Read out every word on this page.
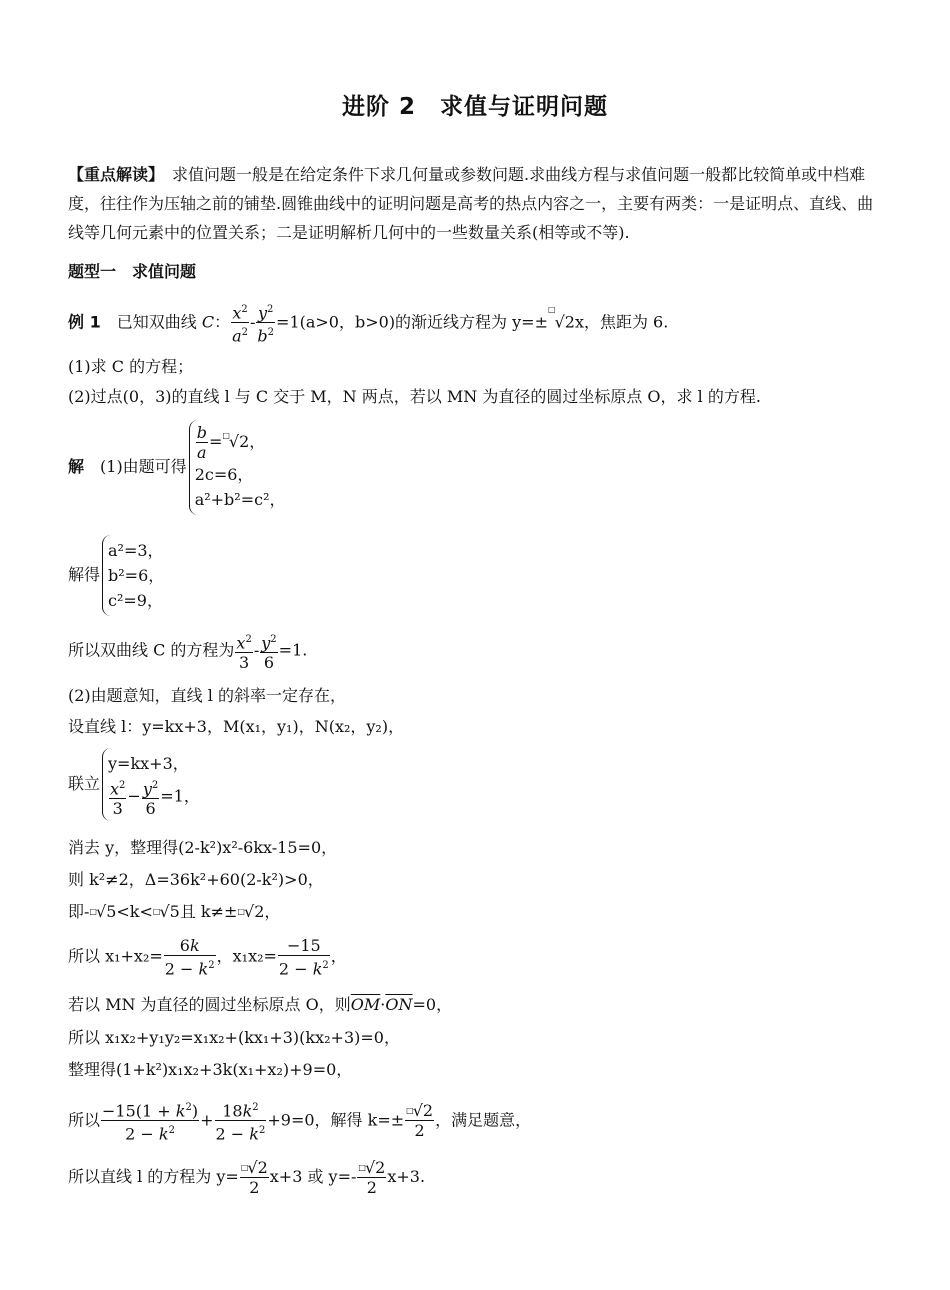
进阶 2　求值与证明问题
【重点解读】　求值问题一般是在给定条件下求几何量或参数问题.求曲线方程与求值问题一般都比较简单或中档难度，往往作为压轴之前的铺垫.圆锥曲线中的证明问题是高考的热点内容之一，主要有两类：一是证明点、直线、曲线等几何元素中的位置关系；二是证明解析几何中的一些数量关系(相等或不等).
题型一　求值问题
例 1　已知双曲线 C： $\frac{x^2}{a^2} - \frac{y^2}{b^2} =1(a>0$，b>0)的渐近线方程为 y=±□√2x，焦距为 6.
(1)求 C 的方程；
(2)过点(0，3)的直线 l 与 C 交于 M，N 两点，若以 MN 为直径的圆过坐标原点 O，求 l 的方程.
解　(1)由题可得
$\frac{b}{a} =^□√2$，
2c=6，
a²+b²=c²，
解得
a²=3，
b²=6，
c²=9，
所以双曲线 C 的方程为 $\frac{x^2}{3} - \frac{y^2}{6} =1$.
(2)由题意知，直线 l 的斜率一定存在，
设直线 l：y=kx+3，M(x₁，y₁)，N(x₂，y₂)，
联立
y=kx+3，
$\frac{x^2}{3} - \frac{y^2}{6} =1$，
消去 y，整理得(2-k²)x²-6kx-15=0，
则 k²≠2，Δ=36k²+60(2-k²)>0，
即-□√5<k<□√5且 k≠±□√2，
所以 $x_1+x_2= \frac{6k}{2 - k^2}$ ，$x_1x_2= \frac{-15}{2 - k^2}$ ，
若以 MN 为直径的圆过坐标原点 O，则$\overline{OM}\cdot\overline{ON}=0$，
所以 x₁x₂+y₁y₂=x₁x₂+(kx₁+3)(kx₂+3)=0，
整理得(1+k²)x₁x₂+3k(x₁+x₂)+9=0，
所以 $\frac{-15(1 + k^2)}{2 - k^2} + \frac{18k^2}{2 - k^2} +9=0$，解得 $k=\pm \frac{^□√2}{2}$ ，满足题意，
所以直线 l 的方程为 $y= \frac{^□√2}{2} x+3$ 或 $y=- \frac{^□√2}{2} x+3$.
